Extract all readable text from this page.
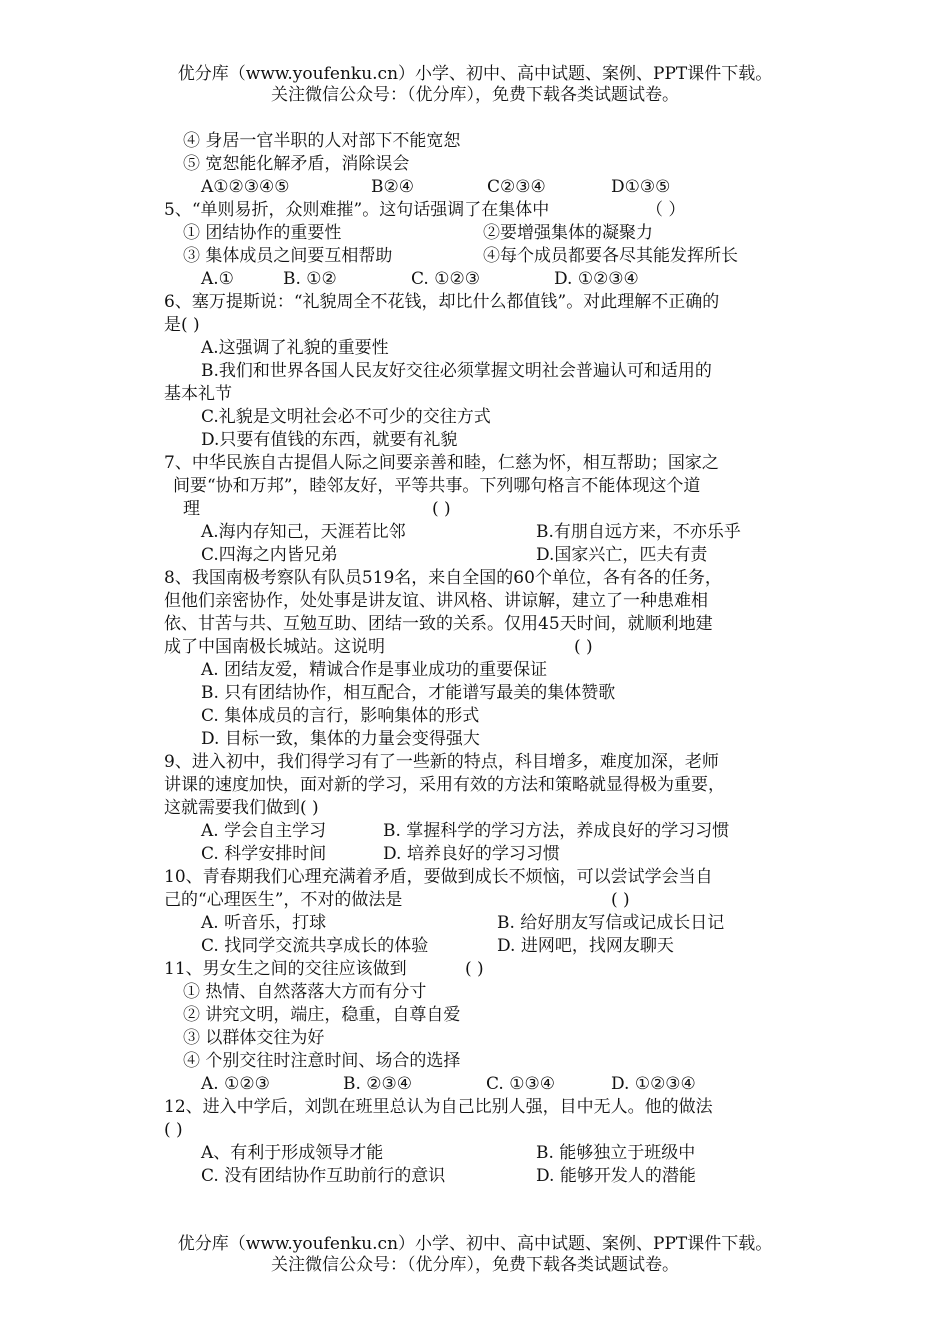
优分库（www.youfenku.cn）小学、初中、高中试题、案例、PPT课件下载。
关注微信公众号：（优分库），免费下载各类试题试卷。
④ 身居一官半职的人对部下不能宽恕
⑤ 宽恕能化解矛盾，消除误会
A①②③④⑤	B②④	C②③④	D①③⑤
5、“单则易折，众则难摧”。这句话强调了在集体中	（ ）
① 团结协作的重要性	②要增强集体的凝聚力
③ 集体成员之间要互相帮助	④每个成员都要各尽其能发挥所长
A.①	B. ①②	C. ①②③	D. ①②③④
6、塞万提斯说：“礼貌周全不花钱，却比什么都值钱”。对此理解不正确的
是( )
A.这强调了礼貌的重要性
B.我们和世界各国人民友好交往必须掌握文明社会普遍认可和适用的
基本礼节
C.礼貌是文明社会必不可少的交往方式
D.只要有值钱的东西，就要有礼貌
7、中华民族自古提倡人际之间要亲善和睦，仁慈为怀，相互帮助；国家之
间要“协和万邦”，睦邻友好，平等共事。下列哪句格言不能体现这个道
理	( )
A.海内存知己，天涯若比邻	B.有朋自远方来，不亦乐乎
C.四海之内皆兄弟	D.国家兴亡，匹夫有责
8、我国南极考察队有队员519名，来自全国的60个单位，各有各的任务，
但他们亲密协作，处处事是讲友谊、讲风格、讲谅解，建立了一种患难相
依、甘苦与共、互勉互助、团结一致的关系。仅用45天时间，就顺利地建
成了中国南极长城站。这说明	( )
A. 团结友爱，精诚合作是事业成功的重要保证
B. 只有团结协作，相互配合，才能谱写最美的集体赞歌
C. 集体成员的言行，影响集体的形式
D. 目标一致，集体的力量会变得强大
9、进入初中，我们得学习有了一些新的特点，科目增多，难度加深，老师
讲课的速度加快，面对新的学习，采用有效的方法和策略就显得极为重要，
这就需要我们做到( )
A. 学会自主学习	B. 掌握科学的学习方法，养成良好的学习习惯
C. 科学安排时间	D. 培养良好的学习习惯
10、青春期我们心理充满着矛盾，要做到成长不烦恼，可以尝试学会当自
己的“心理医生”，不对的做法是	( )
A. 听音乐，打球	B. 给好朋友写信或记成长日记
C. 找同学交流共享成长的体验	D. 进网吧，找网友聊天
11、男女生之间的交往应该做到	( )
① 热情、自然落落大方而有分寸
② 讲究文明，端庄，稳重，自尊自爱
③ 以群体交往为好
④ 个别交往时注意时间、场合的选择
A. ①②③	B. ②③④	C. ①③④	D. ①②③④
12、进入中学后，刘凯在班里总认为自己比别人强，目中无人。他的做法
( )
A、有利于形成领导才能	B. 能够独立于班级中
C. 没有团结协作互助前行的意识	D. 能够开发人的潜能
优分库（www.youfenku.cn）小学、初中、高中试题、案例、PPT课件下载。
关注微信公众号：（优分库），免费下载各类试题试卷。
